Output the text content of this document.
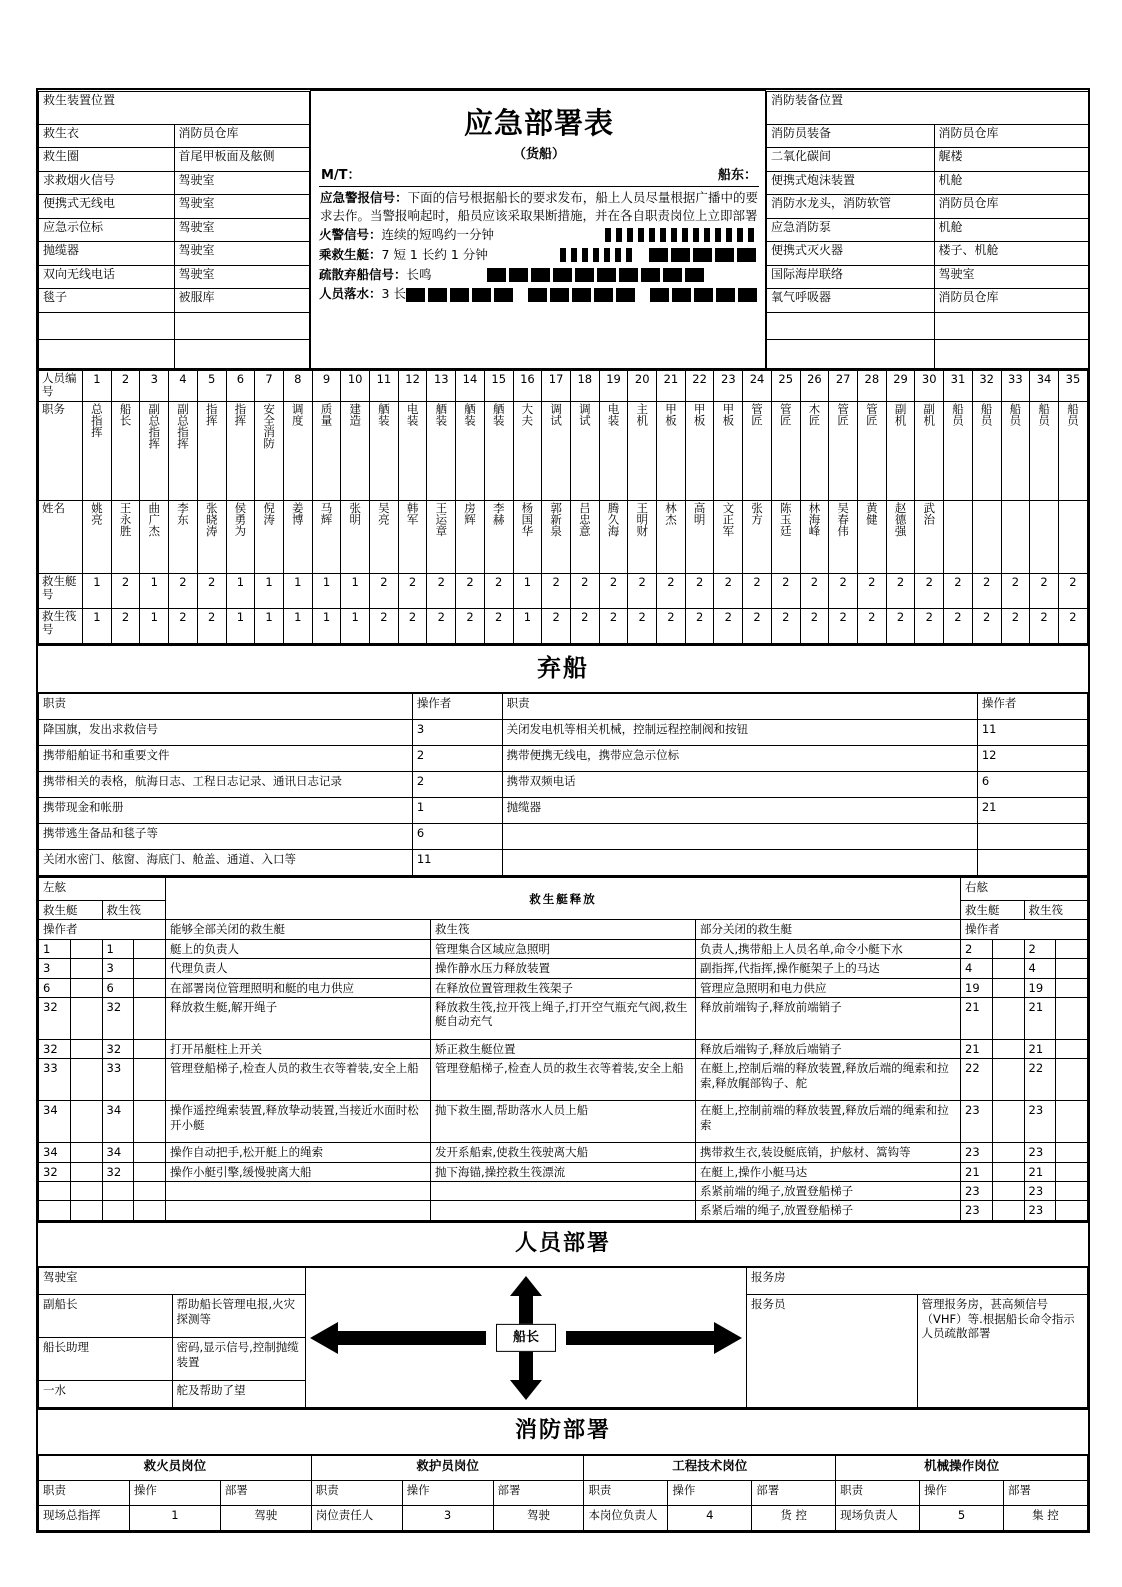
救生装置位置
救生衣	消防员仓库
救生圈	首尾甲板面及舷侧
求救烟火信号	驾驶室
便携式无线电	驾驶室
应急示位标	驾驶室
抛缆器	驾驶室
双向无线电话	驾驶室
毯子	被服库

应急部署表
（货船）
M/T：	船东：
应急警报信号：下面的信号根据船长的要求发布，船上人员尽量根据广播中的要求去作。当警报响起时，船员应该采取果断措施，并在各自职责岗位上立即部署
火警信号： 连续的短鸣约一分钟
乘救生艇： 7 短 1 长约 1 分钟
疏散弃船信号： 长鸣
人员落水： 3 长

消防装备位置
消防员装备	消防员仓库
二氧化碳间	艉楼
便携式炮沫装置	机舱
消防水龙头，消防软管	消防员仓库
应急消防泵	机舱
便携式灭火器	楼子、机舱
国际海岸联络	驾驶室
氧气呼吸器	消防员仓库

人员编号	1	2	3	4	5	6	7	8	9	10	11	12	13	14	15	16	17	18	19	20	21	22	23	24	25	26	27	28	29	30	31	32	33	34	35
职务	总指挥	船长	副总指挥	副总指挥	指挥	指挥	安全消防	调度	质量	建造	舾装	电装	舾装	舾装	舾装	大夫	调试	调试	电装	主机	甲板	甲板	甲板	管匠	管匠	木匠	管匠	管匠	副机	副机	船员	船员	船员	船员	船员
姓名	姚亮	王永胜	曲广杰	李东	张晓涛	侯勇为	倪涛	姜博	马辉	张明	吴亮	韩军	王运章	房辉	李赫	杨国华	郭新泉	吕忠意	腾久海	王明财	林杰	高明	文正军	张方	陈玉廷	林海峰	吴春伟	黄健	赵德强	武治					
救生艇号	1	2	1	2	2	1	1	1	1	1	2	2	2	2	2	1	2	2	2	2	2	2	2	2	2	2	2	2	2	2	2	2	2	2	2
救生筏号	1	2	1	2	2	1	1	1	1	1	2	2	2	2	2	1	2	2	2	2	2	2	2	2	2	2	2	2	2	2	2	2	2	2	2

弃船

职责	操作者	职责	操作者
降国旗，发出求救信号	3	关闭发电机等相关机械，控制远程控制阀和按钮	11
携带船舶证书和重要文件	2	携带便携无线电，携带应急示位标	12
携带相关的表格，航海日志、工程日志记录、通讯日志记录	2	携带双频电话	6
携带现金和帐册	1	抛缆器	21
携带逃生备品和毯子等	6		
关闭水密门、舷窗、海底门、舱盖、通道、入口等	11		

左舷	救生艇释放	右舷
救生艇	救生筏	救生艇	救生筏
操作者	能够全部关闭的救生艇	救生筏	部分关闭的救生艇	操作者
1		1		艇上的负责人	管理集合区域应急照明	负责人,携带船上人员名单,命令小艇下水	2		2	
3		3		代理负责人	操作静水压力释放装置	副指挥,代指挥,操作艇架子上的马达	4		4	
6		6		在部署岗位管理照明和艇的电力供应	在释放位置管理救生筏架子	管理应急照明和电力供应	19		19	
32		32		释放救生艇,解开绳子	释放救生筏,拉开筏上绳子,打开空气瓶充气阀,救生艇自动充气	释放前端钩子,释放前端销子	21		21	
32		32		打开吊艇柱上开关	矫正救生艇位置	释放后端钩子,释放后端销子	21		21	
33		33		管理登船梯子,检查人员的救生衣等着装,安全上船	管理登船梯子,检查人员的救生衣等着装,安全上船	在艇上,控制后端的释放装置,释放后端的绳索和拉索,释放艉部钩子、舵	22		22	
34		34		操作遥控绳索装置,释放挚动装置,当接近水面时松开小艇	抛下救生圈,帮助落水人员上船	在艇上,控制前端的释放装置,释放后端的绳索和拉索	23		23	
34		34		操作自动把手,松开艇上的绳索	发开系船索,使救生筏驶离大船	携带救生衣,装设艇底销，护舷材、篙钩等	23		23	
32		32		操作小艇引擎,缓慢驶离大船	抛下海锚,操控救生筏漂流	在艇上,操作小艇马达	21		21	
						系紧前端的绳子,放置登船梯子	23		23	
						系紧后端的绳子,放置登船梯子	23		23	

人员部署

驾驶室	
船长
	报务房
副船长	帮助船长管理电报,火灾探测等	报务员	管理报务房，甚高频信号（VHF）等.根据船长命令指示人员疏散部署
船长助理	密码,显示信号,控制抛缆装置
一水	舵及帮助了望

消防部署

救火员岗位	救护员岗位	工程技术岗位	机械操作岗位
职责	操作	部署	职责	操作	部署	职责	操作	部署	职责	操作	部署
现场总指挥	1	驾驶	岗位责任人	3	驾驶	本岗位负责人	4	货 控	现场负责人	5	集 控
